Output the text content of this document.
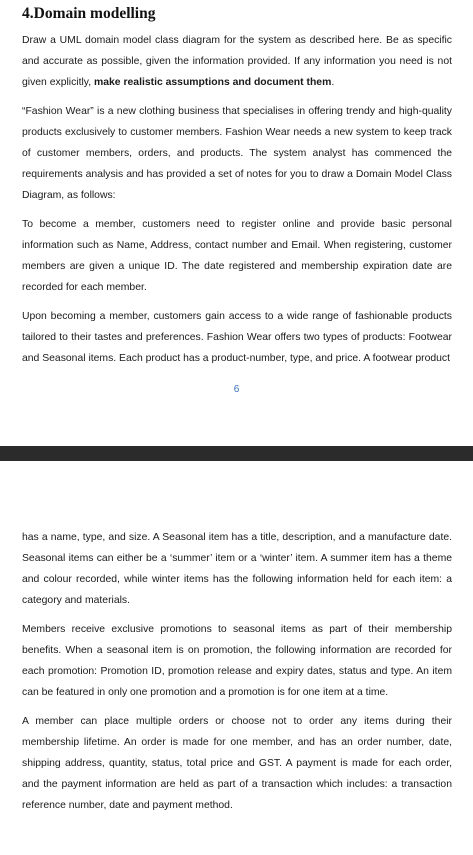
4.Domain modelling

Draw a UML domain model class diagram for the system as described here. Be as specific and accurate as possible, given the information provided. If any information you need is not given explicitly, make realistic assumptions and document them.

“Fashion Wear” is a new clothing business that specialises in offering trendy and high-quality products exclusively to customer members. Fashion Wear needs a new system to keep track of customer members, orders, and products. The system analyst has commenced the requirements analysis and has provided a set of notes for you to draw a Domain Model Class Diagram, as follows:

To become a member, customers need to register online and provide basic personal information such as Name, Address, contact number and Email. When registering, customer members are given a unique ID. The date registered and membership expiration date are recorded for each member.

Upon becoming a member, customers gain access to a wide range of fashionable products tailored to their tastes and preferences. Fashion Wear offers two types of products: Footwear and Seasonal items. Each product has a product-number, type, and price. A footwear product

6

has a name, type, and size. A Seasonal item has a title, description, and a manufacture date. Seasonal items can either be a ‘summer’ item or a ‘winter’ item. A summer item has a theme and colour recorded, while winter items has the following information held for each item: a category and materials.

Members receive exclusive promotions to seasonal items as part of their membership benefits. When a seasonal item is on promotion, the following information are recorded for each promotion: Promotion ID, promotion release and expiry dates, status and type. An item can be featured in only one promotion and a promotion is for one item at a time.

A member can place multiple orders or choose not to order any items during their membership lifetime. An order is made for one member, and has an order number, date, shipping address, quantity, status, total price and GST. A payment is made for each order, and the payment information are held as part of a transaction which includes: a transaction reference number, date and payment method.
